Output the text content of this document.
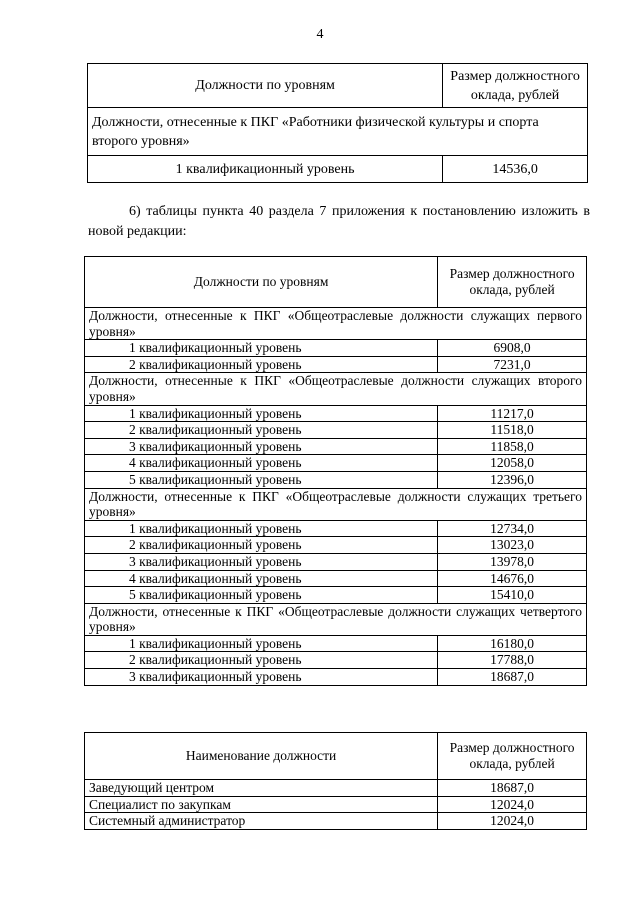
4
Должности по уровням	Размер должностного оклада, рублей
Должности, отнесенные к ПКГ «Работники физической культуры и спорта второго уровня»	
1 квалификационный уровень	14536,0
6) таблицы пункта 40 раздела 7 приложения к постановлению изложить в новой редакции:
Должности по уровням	Размер должностного оклада, рублей
Должности, отнесенные к ПКГ «Общеотраслевые должности служащих первого уровня»	
1 квалификационный уровень	6908,0
2 квалификационный уровень	7231,0
Должности, отнесенные к ПКГ «Общеотраслевые должности служащих второго уровня»	
1 квалификационный уровень	11217,0
2 квалификационный уровень	11518,0
3 квалификационный уровень	11858,0
4 квалификационный уровень	12058,0
5 квалификационный уровень	12396,0
Должности, отнесенные к ПКГ «Общеотраслевые должности служащих третьего уровня»	
1 квалификационный уровень	12734,0
2 квалификационный уровень	13023,0
3 квалификационный уровень	13978,0
4 квалификационный уровень	14676,0
5 квалификационный уровень	15410,0
Должности, отнесенные к ПКГ «Общеотраслевые должности служащих четвертого уровня»	
1 квалификационный уровень	16180,0
2 квалификационный уровень	17788,0
3 квалификационный уровень	18687,0
Наименование должности	Размер должностного оклада, рублей
Заведующий центром	18687,0
Специалист по закупкам	12024,0
Системный администратор	12024,0
